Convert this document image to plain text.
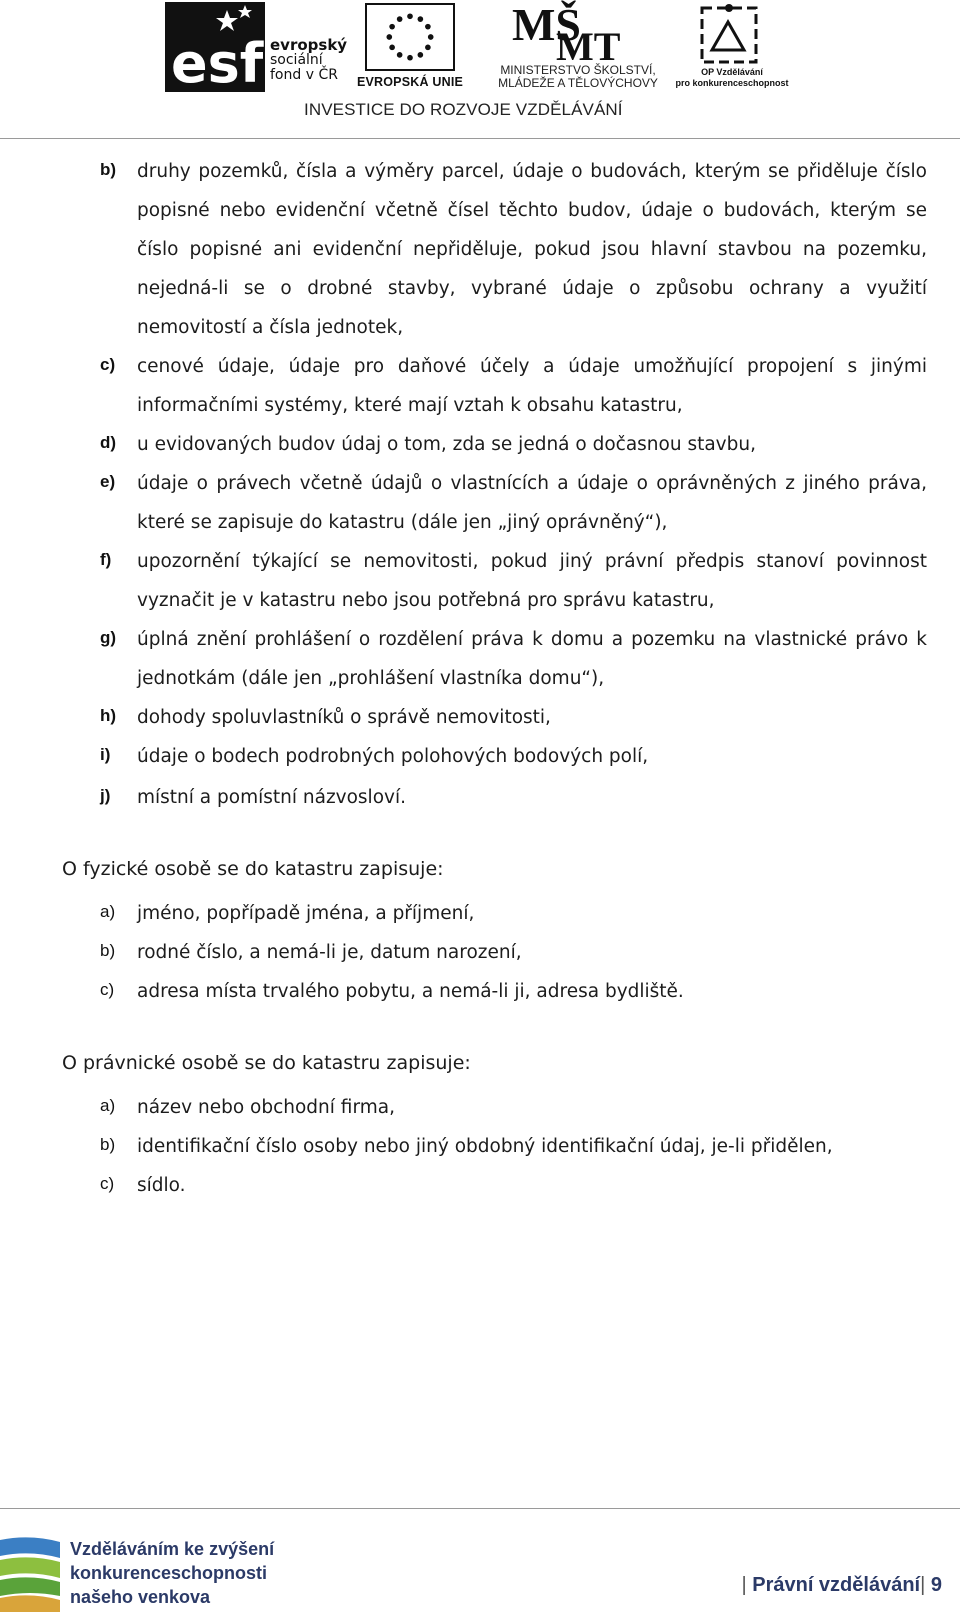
esf evropský
sociální
fond v ČR	EVROPSKÁ UNIE
MŠ
MT
MINISTERSTVO ŠKOLSTVÍ,
MLÁDEŽE A TĚLOVÝCHOVY
OP Vzdělávání
pro konkurenceschopnost
INVESTICE DO ROZVOJE VZDĚLÁVÁNÍ
b) druhy pozemků, čísla a výměry parcel, údaje o budovách, kterým se přiděluje číslo popisné nebo evidenční včetně čísel těchto budov, údaje o budovách, kterým se číslo popisné ani evidenční nepřiděluje, pokud jsou hlavní stavbou na pozemku, nejedná-li se o drobné stavby, vybrané údaje o způsobu ochrany a využití nemovitostí a čísla jednotek,
c) cenové údaje, údaje pro daňové účely a údaje umožňující propojení s jinými informačními systémy, které mají vztah k obsahu katastru,
d) u evidovaných budov údaj o tom, zda se jedná o dočasnou stavbu,
e) údaje o právech včetně údajů o vlastnících a údaje o oprávněných z jiného práva, které se zapisuje do katastru (dále jen „jiný oprávněný“),
f) upozornění týkající se nemovitosti, pokud jiný právní předpis stanoví povinnost vyznačit je v katastru nebo jsou potřebná pro správu katastru,
g) úplná znění prohlášení o rozdělení práva k domu a pozemku na vlastnické právo k jednotkám (dále jen „prohlášení vlastníka domu“),
h) dohody spoluvlastníků o správě nemovitosti,
i) údaje o bodech podrobných polohových bodových polí,
j) místní a pomístní názvosloví.
O fyzické osobě se do katastru zapisuje:
a) jméno, popřípadě jména, a příjmení,
b) rodné číslo, a nemá-li je, datum narození,
c) adresa místa trvalého pobytu, a nemá-li ji, adresa bydliště.
O právnické osobě se do katastru zapisuje:
a) název nebo obchodní firma,
b) identifikační číslo osoby nebo jiný obdobný identifikační údaj, je-li přidělen,
c) sídlo.
Vzděláváním ke zvýšení
konkurenceschopnosti
našeho venkova
| Právní vzdělávání| 9
